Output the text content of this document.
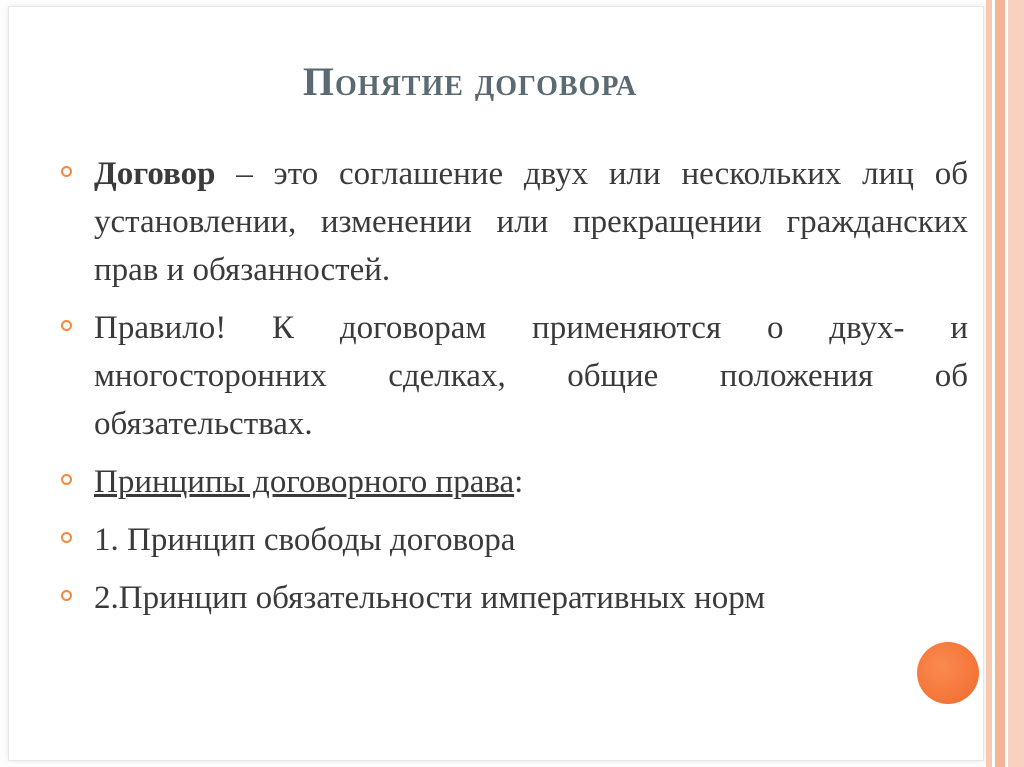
Понятие договора
Договор – это соглашение двух или нескольких лиц об установлении, изменении или прекращении гражданских прав и обязанностей.
Правило! К договорам применяются о двух- и многосторонних сделках, общие положения об обязательствах.
Принципы договорного права:
1. Принцип свободы договора
2.Принцип обязательности императивных норм
